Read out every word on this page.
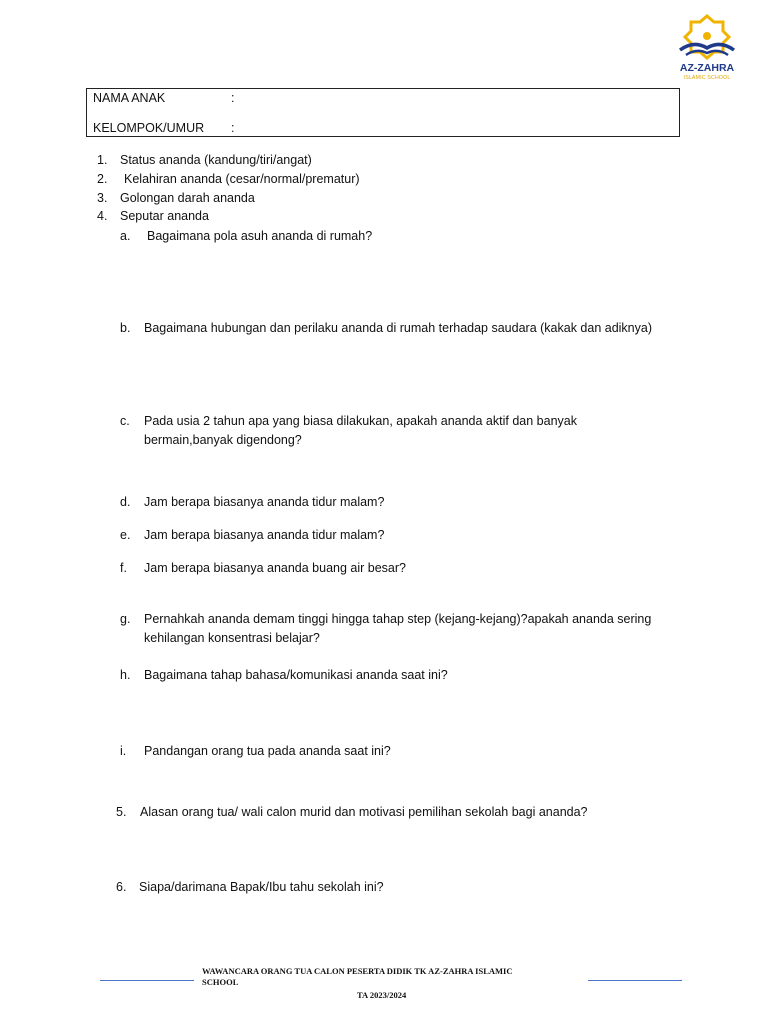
AZ-ZAHRA
ISLAMIC SCHOOL
NAMA ANAK	:
KELOMPOK/UMUR :
1. Status ananda (kandung/tiri/angat)
2. Kelahiran ananda (cesar/normal/prematur)
3. Golongan darah ananda
4. Seputar ananda
a. Bagaimana pola asuh ananda di rumah?
b. Bagaimana hubungan dan perilaku ananda di rumah terhadap saudara (kakak dan adiknya)
c. Pada usia 2 tahun apa yang biasa dilakukan, apakah ananda aktif dan banyak
bermain,banyak digendong?
d. Jam berapa biasanya ananda tidur malam?
e. Jam berapa biasanya ananda tidur malam?
f. Jam berapa biasanya ananda buang air besar?
g. Pernahkah ananda demam tinggi hingga tahap step (kejang-kejang)?apakah ananda sering
kehilangan konsentrasi belajar?
h. Bagaimana tahap bahasa/komunikasi ananda saat ini?
i. Pandangan orang tua pada ananda saat ini?
5. Alasan orang tua/ wali calon murid dan motivasi pemilihan sekolah bagi ananda?
6. Siapa/darimana Bapak/Ibu tahu sekolah ini?
WAWANCARA ORANG TUA CALON PESERTA DIDIK TK AZ-ZAHRA ISLAMIC
SCHOOL
TA 2023/2024
